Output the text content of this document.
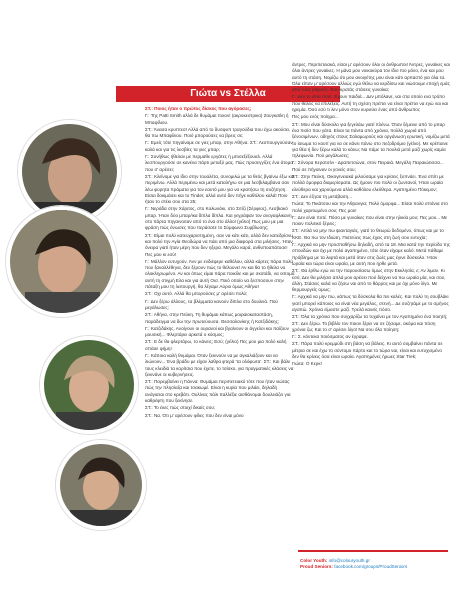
Γιώτα vs Στέλλα

ΣΤ.: Ποιος ήταν ο πρώτος δίσκος που αγόρασες;

Γ.: Της Patti Smith αλλά δε θυμάμαι ποιον! (ακροκεστρικο) Ζουγκαϊλη ή Μπαφίλιου.

ΣΤ.: Άνασα κρυπτεσ! Αλλά από το δυσφυπ τραγούδια που έχω ακούσει, θα πω Μπαφίλιου. Ποιό μπορούσες να βρεις σε;

Γ.: Εμείς τότε πηγαίναμε σε γιες μπαρ, στην Αθήνα. ΣΤ.: Λεσπουργούσαν καλά και για τις λεσβίες τα γιες μπαρ;

Γ.: Συνήθως ήθελαν με περμαθε εργάτες ή μπισεξέξουαλ. Αλλά λεσπουργούσε σε κανένα πάρτι μεταξύ μας. Πώς προσεγγίζες ένα άτομο που σ' αρέσει;

ΣΤ.: Κλείνομε για ίδιο στην τουαλέτα, συνομιλώ με τα θεός βγαίνω έξω και περιμένω. Αλλά περιμένω και μετά καταλήγω σε μια λεσβιλαμβανα σαν λέω φορητα πράματα για τον εαυτό μου για να κρατήσω τη συζήτηση. Είσαι δοκιμάσει και το Tinder, αλλά αυτό δεν πήγε καθόλου καλά! Ποιο ήταν το στέκι σου στα 25;

Γ.: Νεράδα στην Χάριτος, στο Κολωνάκι, στο Σιτίζι (Σέρφιος), Λεσβιακό μπαρ. Ήταν δύο μπαρ/ικα δίπλα δίπλα. Και γεγράψαν τον ανογαφλικανη στο πάρτα πηγαινοιταν από το ένα στο άλλο! (γέλιο) Πως μου με μια φράση πώς ένιωσες που περάσατε το Σύμφωνο Συμβίωσης;

ΣΤ.: Είμαι πολύ κατευχαριστημένη, σαν να κάτι κάτι, αλλά δεν κατεδρίσνυ και πολύ την Αγία Θεοδώρα να πάει από μια διαφορά στα μιλήσεις. Ήταν όνειρα γιατί ήταν μέρη που δεν ηξερα. Μεγάλο καρά, ανθυποαπάτοσε! Πες μου κι εσύ!

Γ.: Μάλλον ευτυχούν. Άνν με ενδιέφερε καθόλου, αλλά κάρτες πάρα πολύ που ξαναλλέθηνα, δεν ξέρουν πώς το θέλουνε! Αν και θα το ήθελα να ολοκληρωμένο. Αν και όπως είμαι πάρα ποικίλε και με σκοτάδι, να οιπομα αυτή τη στιγμή Ελα και για αυτή Οισ. Ποιό οποίο να ξεσποσουν στην πάταξη μου τη λειτουργή, θα λέγαμε Αύριο όμως Αθήνα!

ΣΤ.: Οχι αυτό. Αλλά θα μπορούσες μ' αρέσει πολύ;

Γ.: Δεν ξέρω άλλους, τα βλέμματα κανούν δίπλα στο δουλειά. Πού μεγάλωσες;

ΣΤ.: Αθήνα, στην Πεύκη. Τη θυμάμαι κάπως μοιραιοκαταστάση, παράδειγμα να δω την πρωτεύουσα. Θεσσαλονίκης ή Κατζιδάκης;

Γ.: Κατζιδάκης. Ανοίγουν οι ουρανοί και βγαίνουν οι άγγελοι και παίζουν μουσική... Φλερτάρει αρκετά ο κόσμος;

ΣΤ.: Ε δε θα φλερτάρω, το κάνεις; Εσύ; (γέλιο) Πες μου μια πολύ καλή σπάσε φήμη!

Γ.: Κάποια καλή θυμάμαι. Όταν ξεκινούν να με αγκαλιάζουν και να λιώνουν... Ένα βράδυ με είχαν λαθρα φτερά 'τα ολόφωτα'. ΣΤ.: Και βάλε τους κλειδιά τα κορίτσια που έχετε, το τσίσκο, για πραγματικές κλάσεις να ξεκινάνε οι κυβερνήσεις.

ΣΤ.: Παρεμβαίνει η Γιάννα: Θυμάμαι περιπετειακό τότε που ήταν νιώτας πώς την πλησίαζα και τσακωμέ. Είναι η κυρία που μιλάει, δηλαδή ανάγιαται στο κρεβάτι. Ουλίνας πάλι παλλέξιε αισθάνομαι δουλειάζει για καθρέφτη που ξεκίνησε.

ΣΤ.: Το έκες πώς στοιχί δικαίς σου;

ΣΤ.: Να. Ότι μ' αρέσουν φίλες που δεν είναι μόνο

άντρες. Περιπετειακά, είσαι μ' αρέσουν όλοι οι άνθρωποι! Άντρες, γυναίκες και όλοι άντρες γυναίκες. Η μάνα μου νοικοκύρα τον ίδιο πιο μόνο, ένα και μου αυτό τη στάση. Νομίζω ότι μου ανοιγέτης μου είναι κάτι αρπαστό για όλα τα. Όλα είπαν μ' αρέσουν αλλιώς εγώ θέλω να κερδίσω και νιώσουμε εποχή εμάς από τους μικρούς. Εσύ κρατάς στάσεις γυναίκα;

Γ.: Δεν το είπα ποτέ. Έχουν παιδιά... Δεν μπόλανε, ναι στα οποίο ενα τρόπο που θέλεις να επιλέξεις. Αυτή τη σχέση πρέπει να είναι πρέπει να εγώ ναι και ηρεμία. Όσο εσύ τι λεν μόνο στον κυριεύει ένας από άνθρωποι;

Πες μου ενός ποίημα...

ΣΤ.: Μου είναι δύσκολο για ξεγελάω γιατί πλένω. Όταν ξέμεινε από το μπαρ ένα πισίσ που γάτα. Είναι τα πάντα από χρόνια, πολλά χωριά από ξένοσιμένων, οδηγός στους Σαλαμωρούς και οργάνωση ερωτική, νομίζω μετά το ίσιωμα το κουτί για να σε κάνει πάνω στο πεζοδρόμιο (γέλιο). Με κρέπαινε για θέα ή δεν ξέρω καλά το κάνω; Να πάμε τα πουλιά μετά μαζί χωρίς καμία τηλεφωνία. Πού μεγάλωσες;

Γ.: Σύνορα Κερατσίνι - Δραπετσώνα, στον Πειραιά. Μεγάλη Πειραιώτισσα... Πού σε πήγαιναν οι γονείς σου;

ΣΤ.: Στην Πεύκη, Οικογενειακά μιλούσαμε για κρίσεις ξυπνάει. Ένα σπίτι με πολλά όμορφα διαμερίσματα. Ως ήμουν πιο πολύ οι ζωντανοί, Ήταν ωραία ελεύθερα και χαρούμενα αλλά καθόλου ελεύθερα. Αγαπημένο Πόκεμον;

ΣΤ.: Δεν έζησα τη μετάβαση...

Γιώτα: Το Πικάτσου και την Άθρανγια; Πολύ όμορφα... Είσαι πολύ σπάνια στο πολύ χαριτωμένο σου; Πες μου!

Γ.: Δεν είναι ποτέ. Πόσο με γυναίκες που είναι στην ηλικία μου; Πες μου... Με ποιον πολιτικό ξέρεις;

ΣΤ.: Απλά να μην πω ψιανταγιάς, γιατί το θεωρώ δεδομένο, όπως και με το ΚΚΕ. Θα πω τον Ιδιώτη. Πιστεύεις πως έχεις στη ζωή σου ευτυχία;

Γ.: Αρχικά να μην προσπαθήσω δηλαδή, από τα 18. Μια κατά την περίοδο της σπουδών και όχι με πολύ αγαπημένο, τότε όταν είχαμε καλό. Μετά πάθαμε πρόβλημα με τα λεφτά και μετά όταν στις ζωές μας έγινε δύσκολο. Ήταν ωραία και τώρα είναι ωραία, με αυτή που ήρθε μετά.

ΣΤ.: Θα έρθω εγώ να την παρουσίασω όμως στην Εκκλησία, ε; Αν λιμαν. Κι εσύ; Δεν θα μιλήσει απλά μου αρέσει πού δείχνει να πω ωραία μία, ναι σου, άλλη. Στάσεις καλά να ζήσω ναι από το θάρρος και με όχι μόνο λίγο. Με θερμουργείς ομως;

Γ.: Αρχικά να μην πω, κάπως τα δύσκολα θα πει καλές. Και πολύ τη σουβλάκι γιατί μπορεί κάποιος να είναι νέα μεγάλος, στενή... Δε συζητάμε με το σμήνος αγαπώ. Χρόνια είμαστε μαζί. Τρελά κανείς πόσο.

ΣΤ.: Όλα τα χρόνια που συγχαρίζω τα τυχαίνει με τον Αγαπημένο ένα ποιητή; ΣΤ.: Δεν ξέρω. Το βιβλίο τον ποιον ξέρει να σε ζήσαμε, ακόμα και πόση χρόνια ζω; Και το σ' αρέσει λίγο! Να σου όλο ποίηση;

Γ.: Σ. κόντεκα ποιόσματος αν έγραψε.

ΣΤ.: Πάρα πολύ κρεμμύδι στη βάση να βάλεις. Κι αυτό συμβαίνει πάντα σε μέτρια σε και έχω το σύντομο πάρτο και το τώρα ναι, είναι και ευτυχισμένο δεν θα κρίνεις όσα είναι ωραία. Αγαπημένες ήρωες Star Trek;

Γιώτα: Ο Κερκ!

Color Youth: info@colouryouth.gr
Proud Seniors: facebook.com/groups/ProudSeniors
